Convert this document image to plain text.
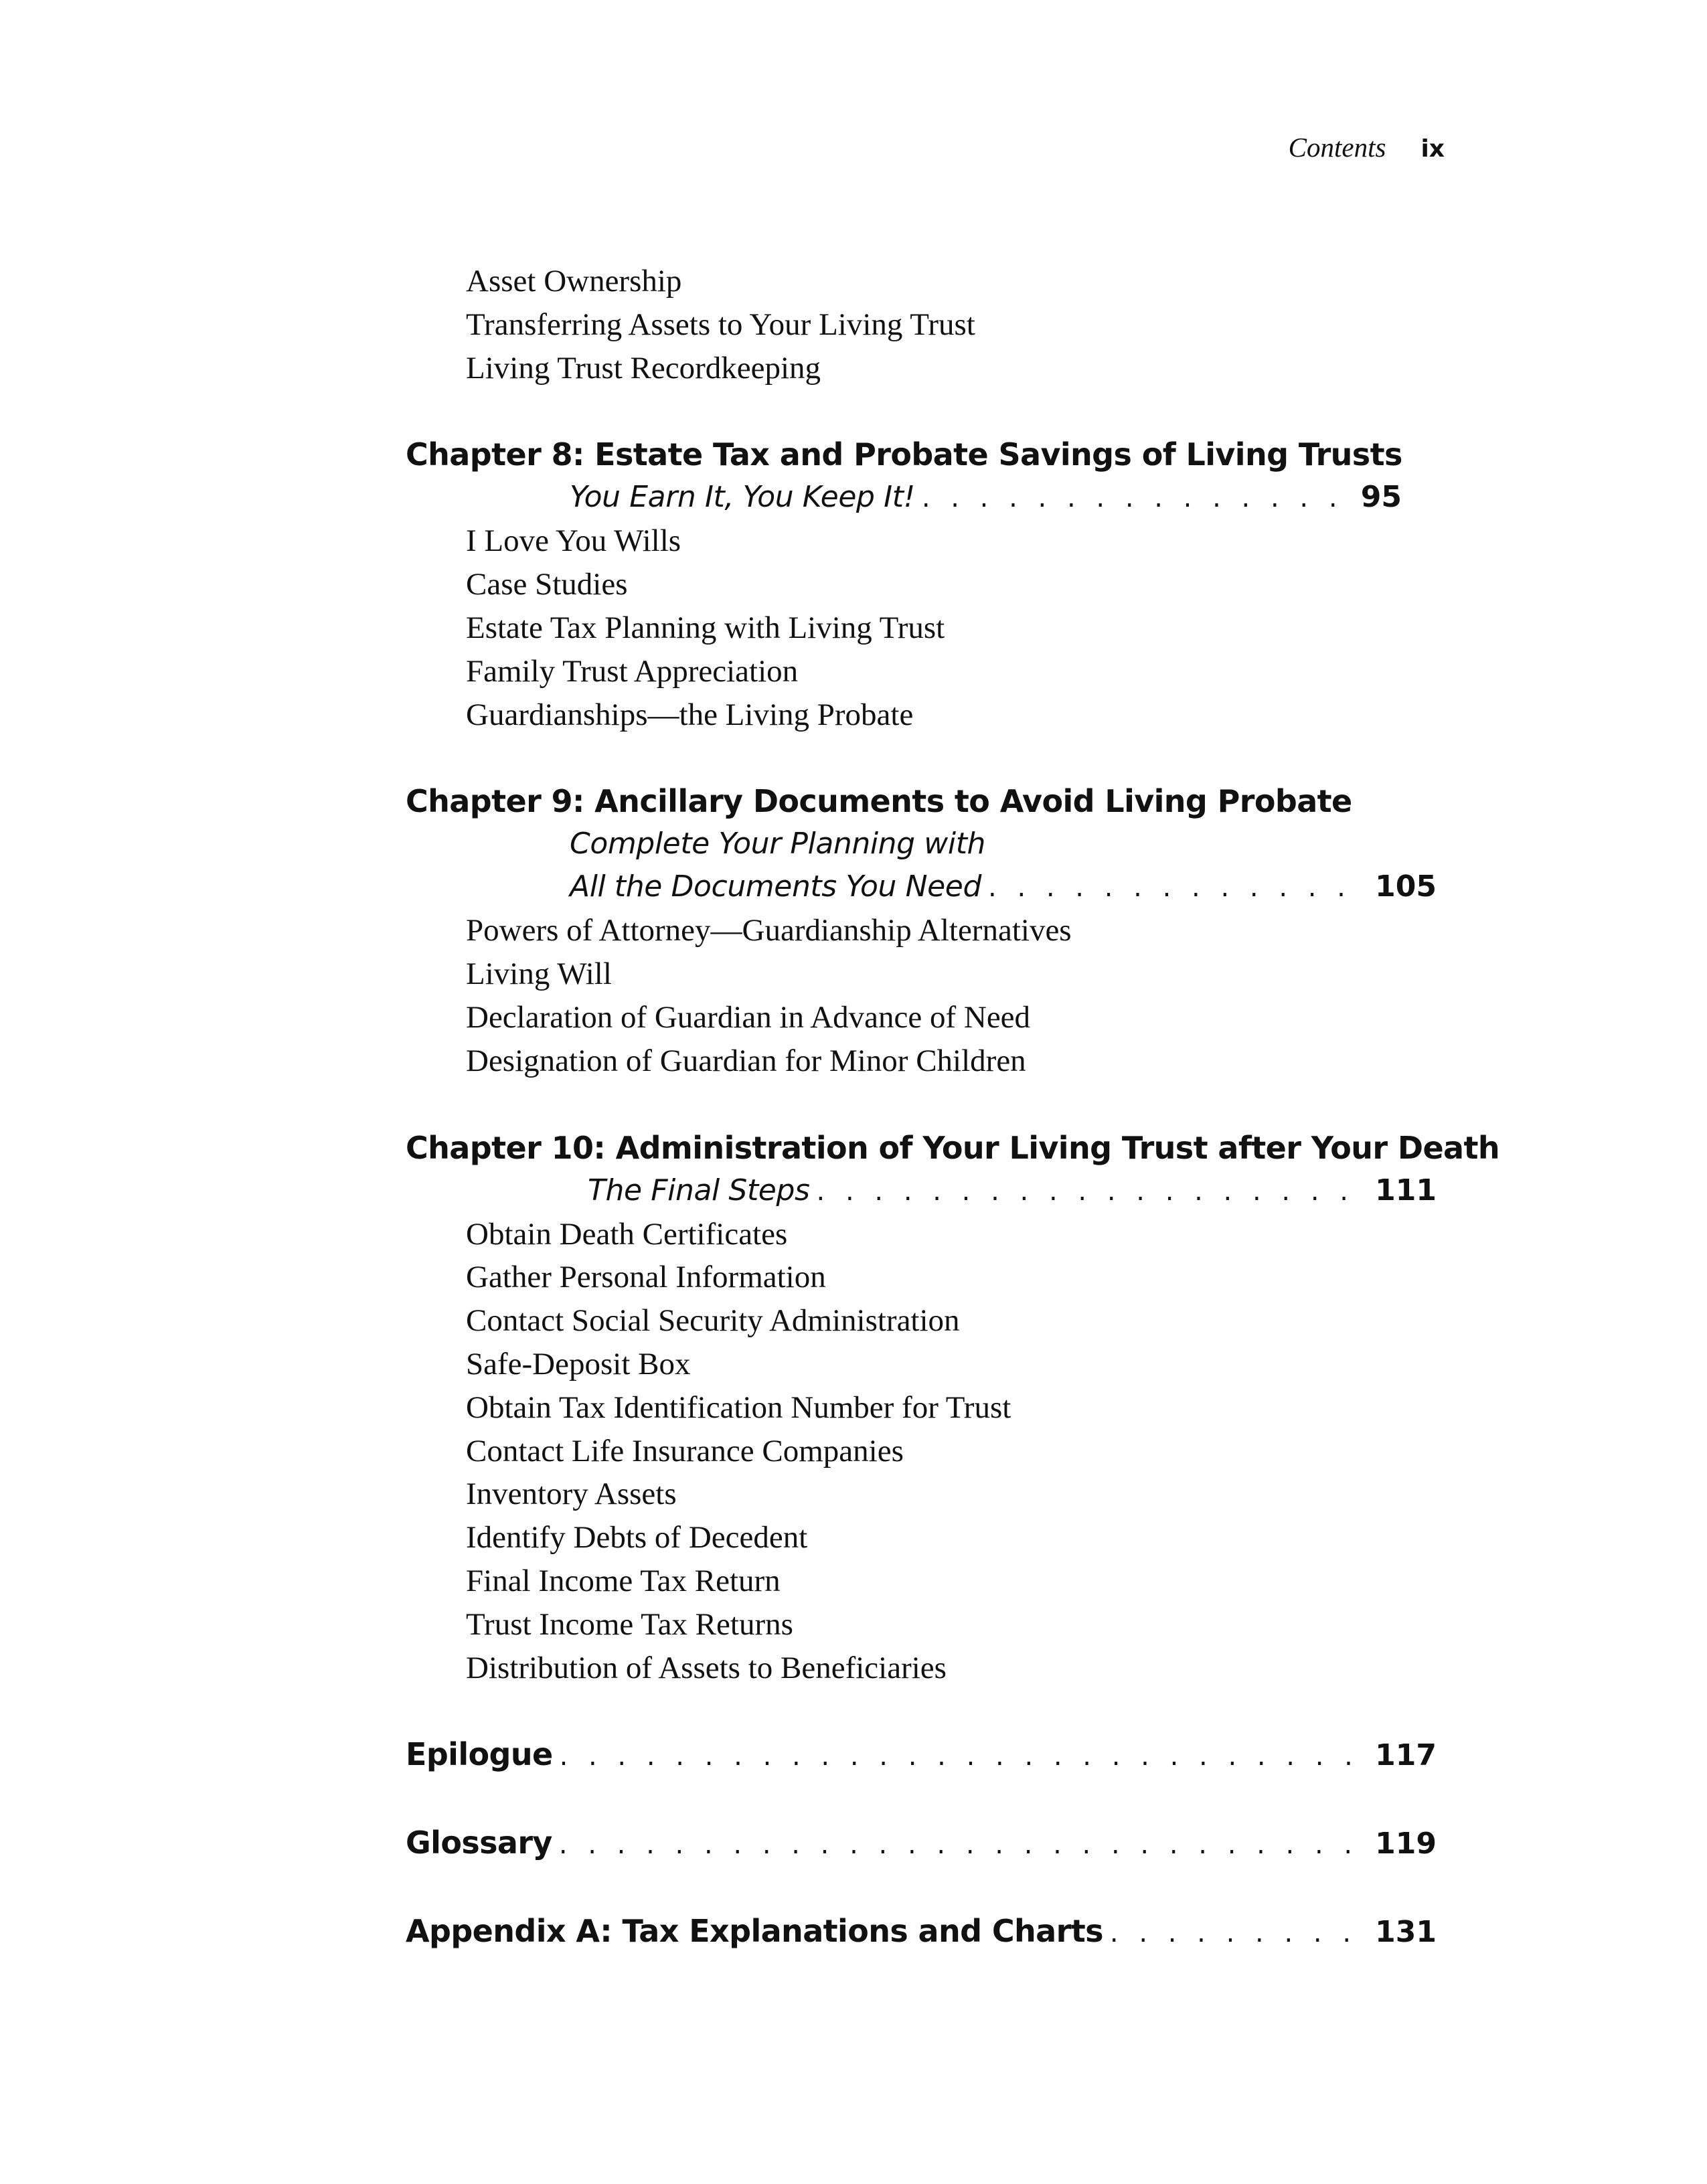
Contents ix
Asset Ownership
Transferring Assets to Your Living Trust
Living Trust Recordkeeping
Chapter 8: Estate Tax and Probate Savings of Living Trusts
You Earn It, You Keep It! . . .	95
I Love You Wills
Case Studies
Estate Tax Planning with Living Trust
Family Trust Appreciation
Guardianships—the Living Probate
Chapter 9: Ancillary Documents to Avoid Living Probate
Complete Your Planning with
All the Documents You Need . . .	105
Powers of Attorney—Guardianship Alternatives
Living Will
Declaration of Guardian in Advance of Need
Designation of Guardian for Minor Children
Chapter 10: Administration of Your Living Trust after Your Death
The Final Steps . . .	111
Obtain Death Certificates
Gather Personal Information
Contact Social Security Administration
Safe-Deposit Box
Obtain Tax Identification Number for Trust
Contact Life Insurance Companies
Inventory Assets
Identify Debts of Decedent
Final Income Tax Return
Trust Income Tax Returns
Distribution of Assets to Beneficiaries
Epilogue . . .	117
Glossary . . .	119
Appendix A: Tax Explanations and Charts . . .	131
